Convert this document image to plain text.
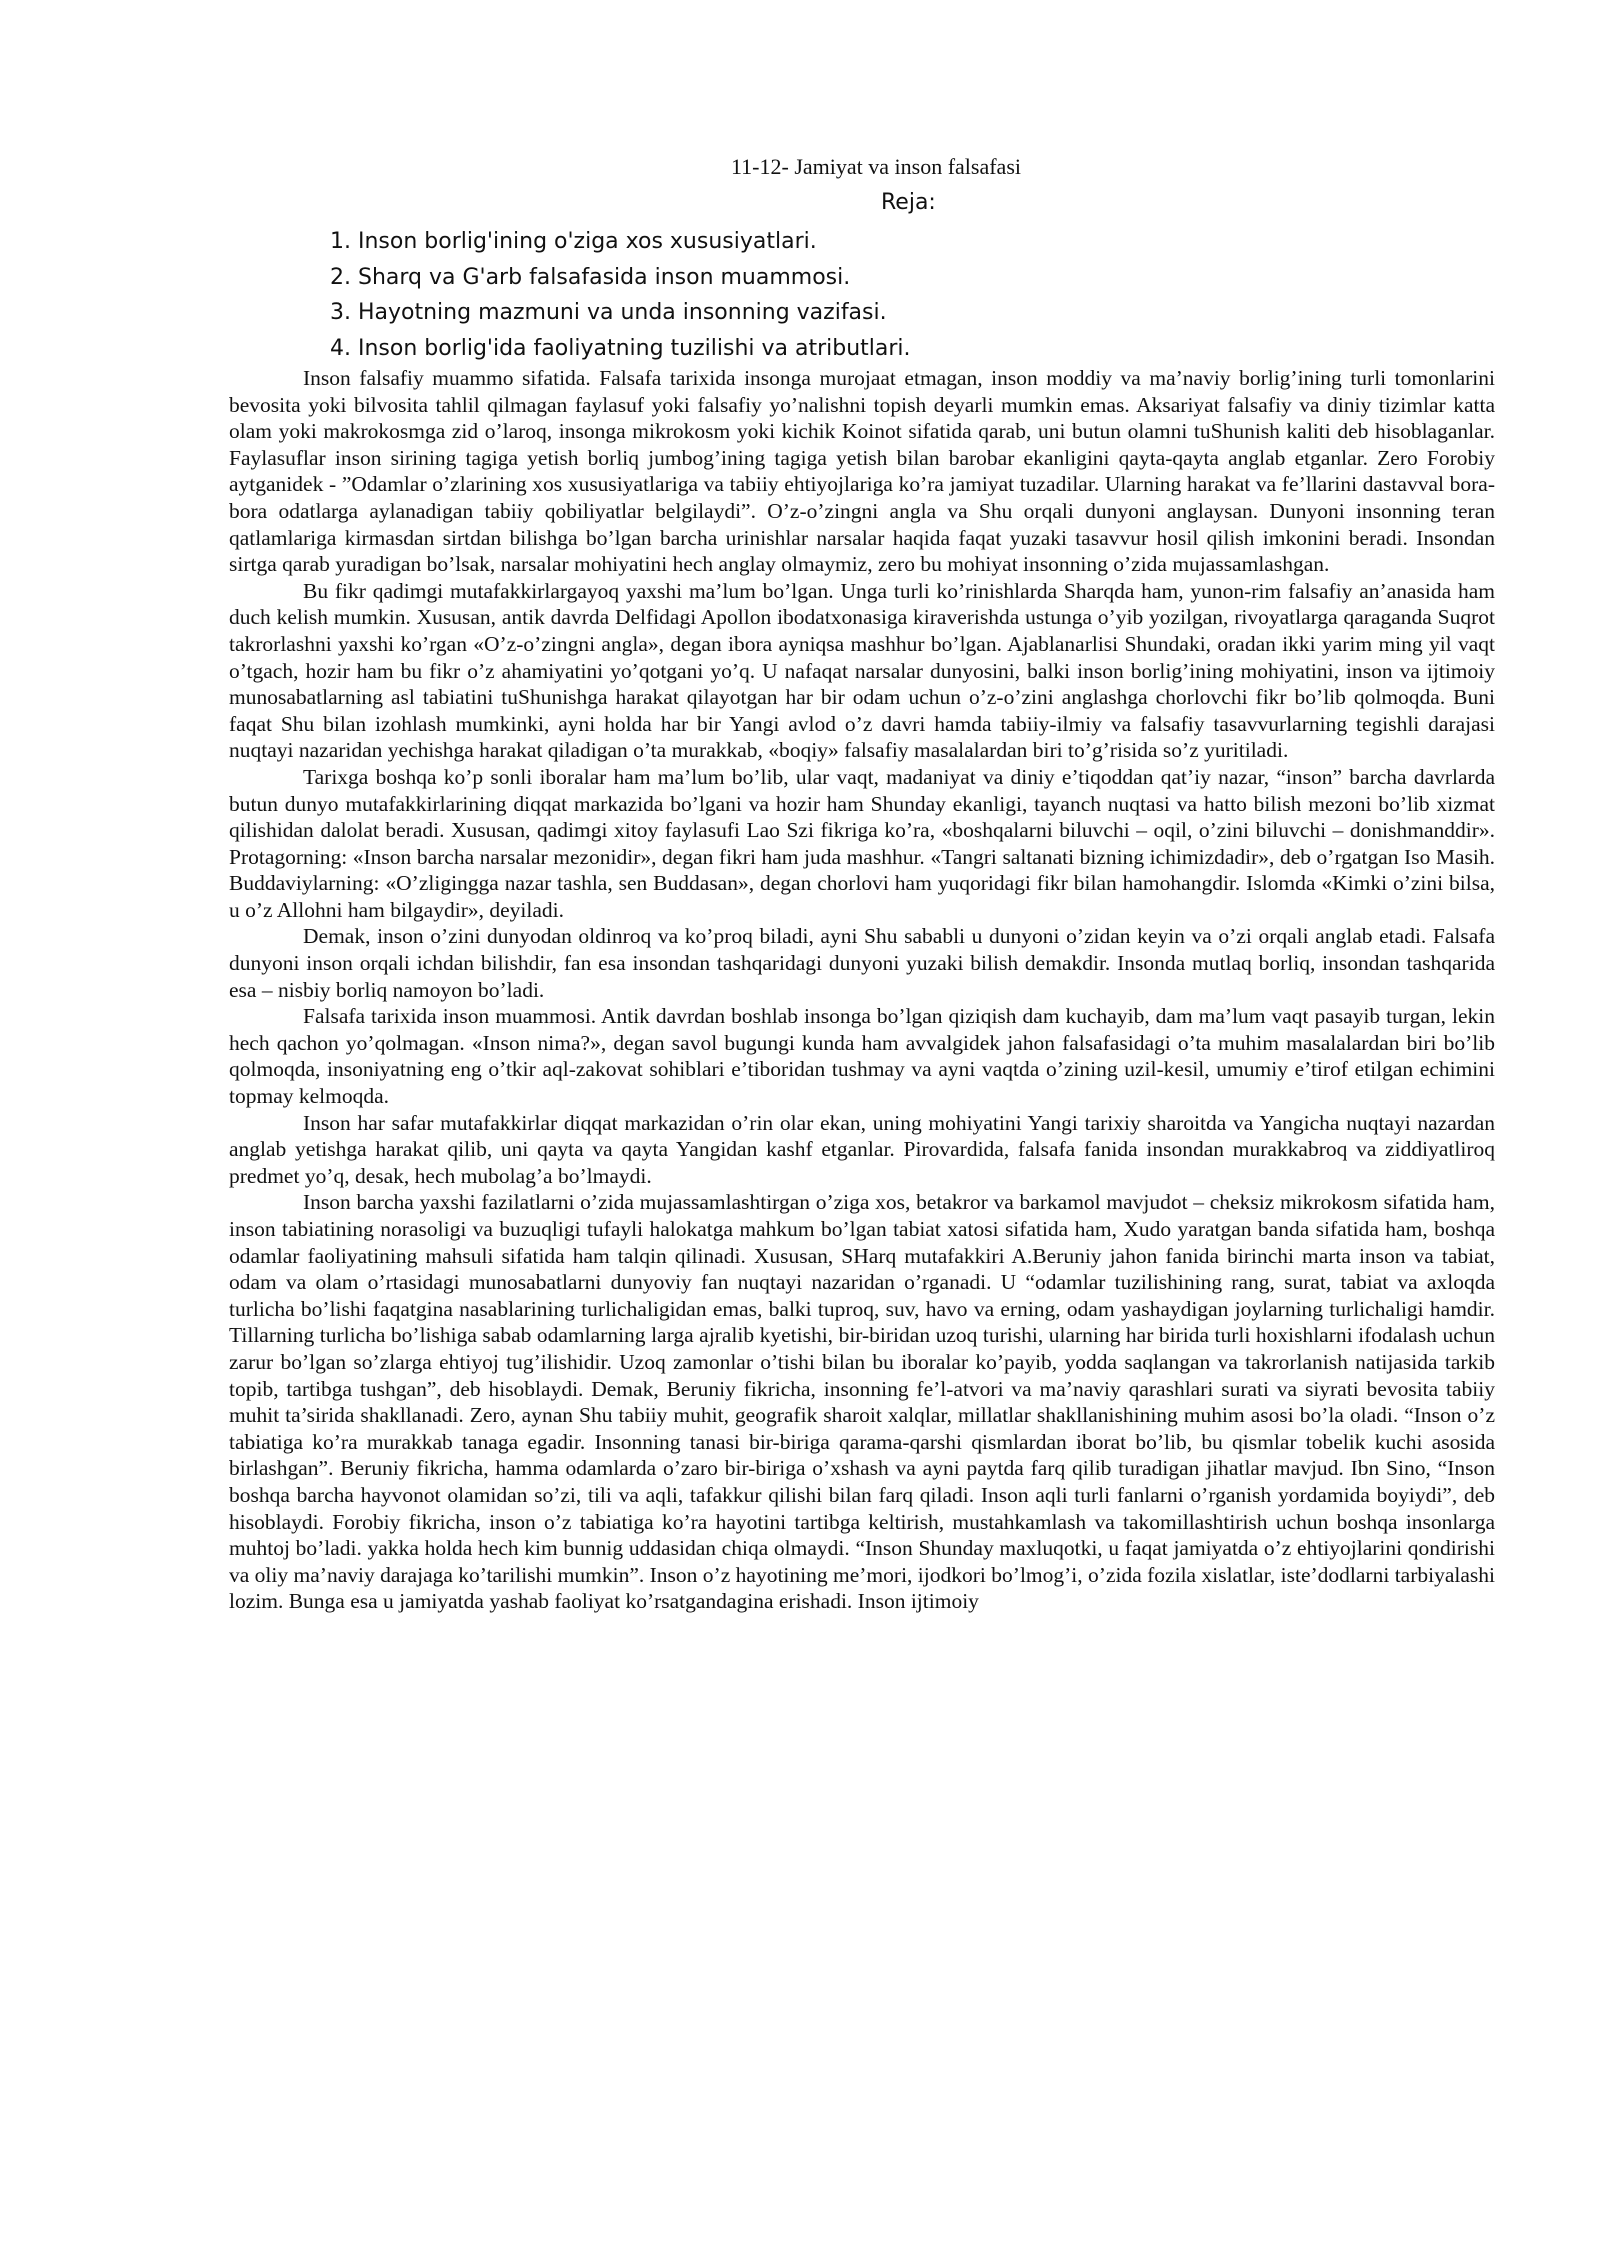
11-12- Jamiyat va inson falsafasi
Reja:
1. Inson borlig'ining o'ziga xos xususiyatlari.
2. Sharq va G'arb falsafasida inson muammosi.
3. Hayotning mazmuni va unda insonning vazifasi.
4. Inson borlig'ida faoliyatning tuzilishi va atributlari.

Inson falsafiy muammo sifatida. Falsafa tarixida insonga murojaat etmagan, inson moddiy va ma’naviy borlig’ining turli tomonlarini bevosita yoki bilvosita tahlil qilmagan faylasuf yoki falsafiy yo’nalishni topish deyarli mumkin emas. Aksariyat falsafiy va diniy tizimlar katta olam yoki makrokosmga zid o’laroq, insonga mikrokosm yoki kichik Koinot sifatida qarab, uni butun olamni tuShunish kaliti deb hisoblaganlar. Faylasuflar inson sirining tagiga yetish borliq jumbog’ining tagiga yetish bilan barobar ekanligini qayta-qayta anglab etganlar. Zero Forobiy aytganidek - ”Odamlar o’zlarining xos xususiyatlariga va tabiiy ehtiyojlariga ko’ra jamiyat tuzadilar. Ularning harakat va fe’llarini dastavval bora-bora odatlarga aylanadigan tabiiy qobiliyatlar belgilaydi”. O’z-o’zingni angla va Shu orqali dunyoni anglaysan. Dunyoni insonning teran qatlamlariga kirmasdan sirtdan bilishga bo’lgan barcha urinishlar narsalar haqida faqat yuzaki tasavvur hosil qilish imkonini beradi. Insondan sirtga qarab yuradigan bo’lsak, narsalar mohiyatini hech anglay olmaymiz, zero bu mohiyat insonning o’zida mujassamlashgan.

Bu fikr qadimgi mutafakkirlargayoq yaxshi ma’lum bo’lgan. Unga turli ko’rinishlarda Sharqda ham, yunon-rim falsafiy an’anasida ham duch kelish mumkin. Xususan, antik davrda Delfidagi Apollon ibodatxonasiga kiraverishda ustunga o’yib yozilgan, rivoyatlarga qaraganda Suqrot takrorlashni yaxshi ko’rgan «O’z-o’zingni angla», degan ibora ayniqsa mashhur bo’lgan. Ajablanarlisi Shundaki, oradan ikki yarim ming yil vaqt o’tgach, hozir ham bu fikr o’z ahamiyatini yo’qotgani yo’q. U nafaqat narsalar dunyosini, balki inson borlig’ining mohiyatini, inson va ijtimoiy munosabatlarning asl tabiatini tuShunishga harakat qilayotgan har bir odam uchun o’z-o’zini anglashga chorlovchi fikr bo’lib qolmoqda. Buni faqat Shu bilan izohlash mumkinki, ayni holda har bir Yangi avlod o’z davri hamda tabiiy-ilmiy va falsafiy tasavvurlarning tegishli darajasi nuqtayi nazaridan yechishga harakat qiladigan o’ta murakkab, «boqiy» falsafiy masalalardan biri to’g’risida so’z yuritiladi.

Tarixga boshqa ko’p sonli iboralar ham ma’lum bo’lib, ular vaqt, madaniyat va diniy e’tiqoddan qat’iy nazar, “inson” barcha davrlarda butun dunyo mutafakkirlarining diqqat markazida bo’lgani va hozir ham Shunday ekanligi, tayanch nuqtasi va hatto bilish mezoni bo’lib xizmat qilishidan dalolat beradi. Xususan, qadimgi xitoy faylasufi Lao Szi fikriga ko’ra, «boshqalarni biluvchi – oqil, o’zini biluvchi – donishmanddir». Protagorning: «Inson barcha narsalar mezonidir», degan fikri ham juda mashhur. «Tangri saltanati bizning ichimizdadir», deb o’rgatgan Iso Masih. Buddaviylarning: «O’zligingga nazar tashla, sen Buddasan», degan chorlovi ham yuqoridagi fikr bilan hamohangdir. Islomda «Kimki o’zini bilsa, u o’z Allohni ham bilgaydir», deyiladi.

Demak, inson o’zini dunyodan oldinroq va ko’proq biladi, ayni Shu sababli u dunyoni o’zidan keyin va o’zi orqali anglab etadi. Falsafa dunyoni inson orqali ichdan bilishdir, fan esa insondan tashqaridagi dunyoni yuzaki bilish demakdir. Insonda mutlaq borliq, insondan tashqarida esa – nisbiy borliq namoyon bo’ladi.

Falsafa tarixida inson muammosi. Antik davrdan boshlab insonga bo’lgan qiziqish dam kuchayib, dam ma’lum vaqt pasayib turgan, lekin hech qachon yo’qolmagan. «Inson nima?», degan savol bugungi kunda ham avvalgidek jahon falsafasidagi o’ta muhim masalalardan biri bo’lib qolmoqda, insoniyatning eng o’tkir aql-zakovat sohiblari e’tiboridan tushmay va ayni vaqtda o’zining uzil-kesil, umumiy e’tirof etilgan echimini topmay kelmoqda.

Inson har safar mutafakkirlar diqqat markazidan o’rin olar ekan, uning mohiyatini Yangi tarixiy sharoitda va Yangicha nuqtayi nazardan anglab yetishga harakat qilib, uni qayta va qayta Yangidan kashf etganlar. Pirovardida, falsafa fanida insondan murakkabroq va ziddiyatliroq predmet yo’q, desak, hech mubolag’a bo’lmaydi.

Inson barcha yaxshi fazilatlarni o’zida mujassamlashtirgan o’ziga xos, betakror va barkamol mavjudot – cheksiz mikrokosm sifatida ham, inson tabiatining norasoligi va buzuqligi tufayli halokatga mahkum bo’lgan tabiat xatosi sifatida ham, Xudo yaratgan banda sifatida ham, boshqa odamlar faoliyatining mahsuli sifatida ham talqin qilinadi. Xususan, SHarq mutafakkiri A.Beruniy jahon fanida birinchi marta inson va tabiat, odam va olam o’rtasidagi munosabatlarni dunyoviy fan nuqtayi nazaridan o’rganadi. U “odamlar tuzilishining rang, surat, tabiat va axloqda turlicha bo’lishi faqatgina nasablarining turlichaligidan emas, balki tuproq, suv, havo va erning, odam yashaydigan joylarning turlichaligi hamdir. Tillarning turlicha bo’lishiga sabab odamlarning larga ajralib kyetishi, bir-biridan uzoq turishi, ularning har birida turli hoxishlarni ifodalash uchun zarur bo’lgan so’zlarga ehtiyoj tug’ilishidir. Uzoq zamonlar o’tishi bilan bu iboralar ko’payib, yodda saqlangan va takrorlanish natijasida tarkib topib, tartibga tushgan”, deb hisoblaydi. Demak, Beruniy fikricha, insonning fe’l-atvori va ma’naviy qarashlari surati va siyrati bevosita tabiiy muhit ta’sirida shakllanadi. Zero, aynan Shu tabiiy muhit, geografik sharoit xalqlar, millatlar shakllanishining muhim asosi bo’la oladi. “Inson o’z tabiatiga ko’ra murakkab tanaga egadir. Insonning tanasi bir-biriga qarama-qarshi qismlardan iborat bo’lib, bu qismlar tobelik kuchi asosida birlashgan”. Beruniy fikricha, hamma odamlarda o’zaro bir-biriga o’xshash va ayni paytda farq qilib turadigan jihatlar mavjud. Ibn Sino, “Inson boshqa barcha hayvonot olamidan so’zi, tili va aqli, tafakkur qilishi bilan farq qiladi. Inson aqli turli fanlarni o’rganish yordamida boyiydi”, deb hisoblaydi. Forobiy fikricha, inson o’z tabiatiga ko’ra hayotini tartibga keltirish, mustahkamlash va takomillashtirish uchun boshqa insonlarga muhtoj bo’ladi. yakka holda hech kim bunnig uddasidan chiqa olmaydi. “Inson Shunday maxluqotki, u faqat jamiyatda o’z ehtiyojlarini qondirishi va oliy ma’naviy darajaga ko’tarilishi mumkin”. Inson o’z hayotining me’mori, ijodkori bo’lmog’i, o’zida fozila xislatlar, iste’dodlarni tarbiyalashi lozim. Bunga esa u jamiyatda yashab faoliyat ko’rsatgandagina erishadi. Inson ijtimoiy
